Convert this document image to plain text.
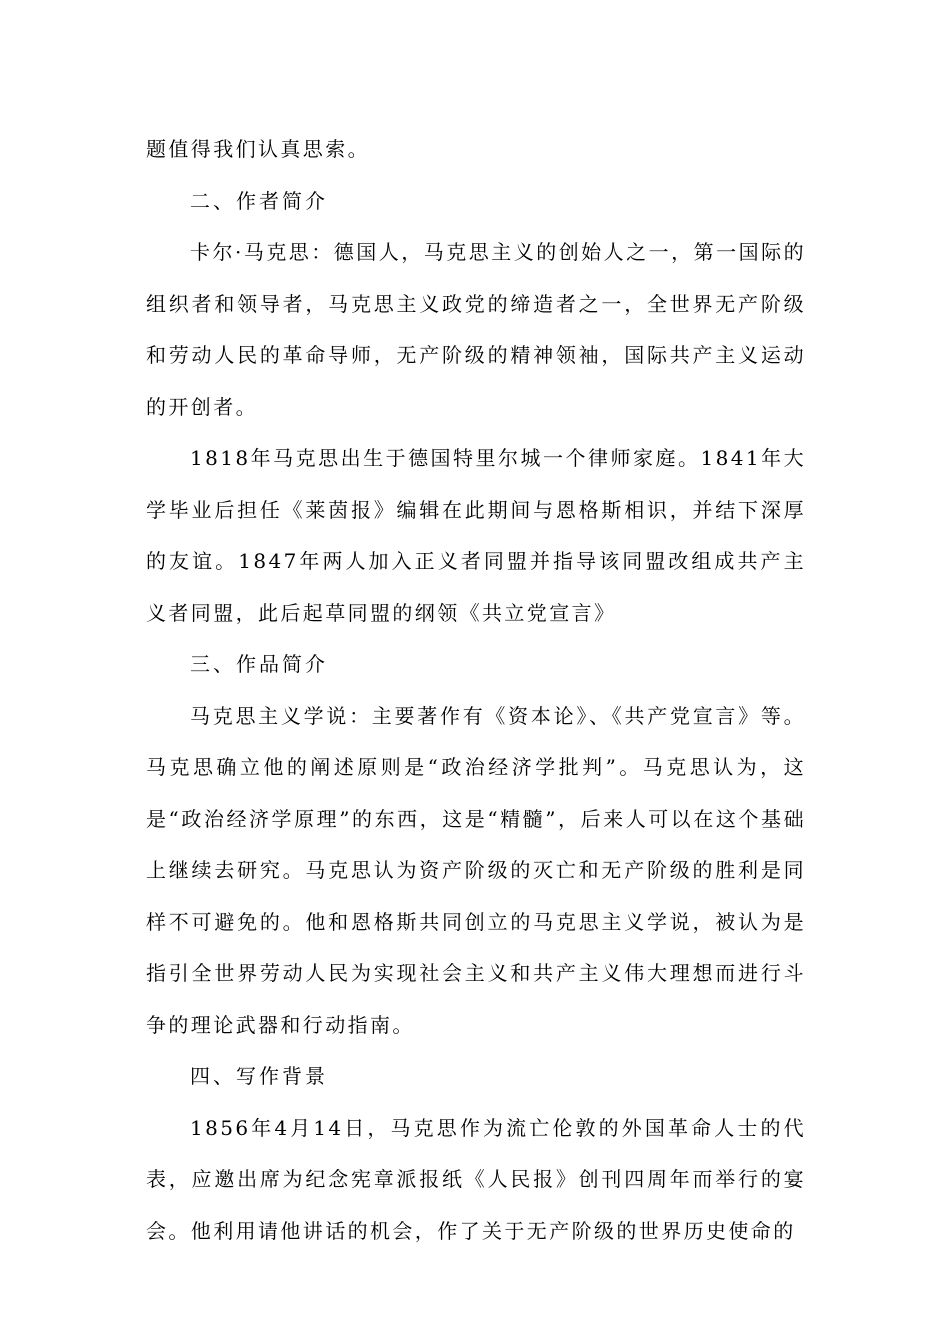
题值得我们认真思索。

二、作者简介

卡尔·马克思：德国人，马克思主义的创始人之一，第一国际的组织者和领导者，马克思主义政党的缔造者之一，全世界无产阶级和劳动人民的革命导师，无产阶级的精神领袖，国际共产主义运动的开创者。

1818年马克思出生于德国特里尔城一个律师家庭。1841年大学毕业后担任《莱茵报》编辑在此期间与恩格斯相识，并结下深厚的友谊。1847年两人加入正义者同盟并指导该同盟改组成共产主义者同盟，此后起草同盟的纲领《共立党宣言》

三、作品简介

马克思主义学说：主要著作有《资本论》、《共产党宣言》等。马克思确立他的阐述原则是“政治经济学批判”。马克思认为，这是“政治经济学原理”的东西，这是“精髓”，后来人可以在这个基础上继续去研究。马克思认为资产阶级的灭亡和无产阶级的胜利是同样不可避免的。他和恩格斯共同创立的马克思主义学说，被认为是指引全世界劳动人民为实现社会主义和共产主义伟大理想而进行斗争的理论武器和行动指南。

四、写作背景

1856年4月14日，马克思作为流亡伦敦的外国革命人士的代表，应邀出席为纪念宪章派报纸《人民报》创刊四周年而举行的宴会。他利用请他讲话的机会，作了关于无产阶级的世界历史使命的
